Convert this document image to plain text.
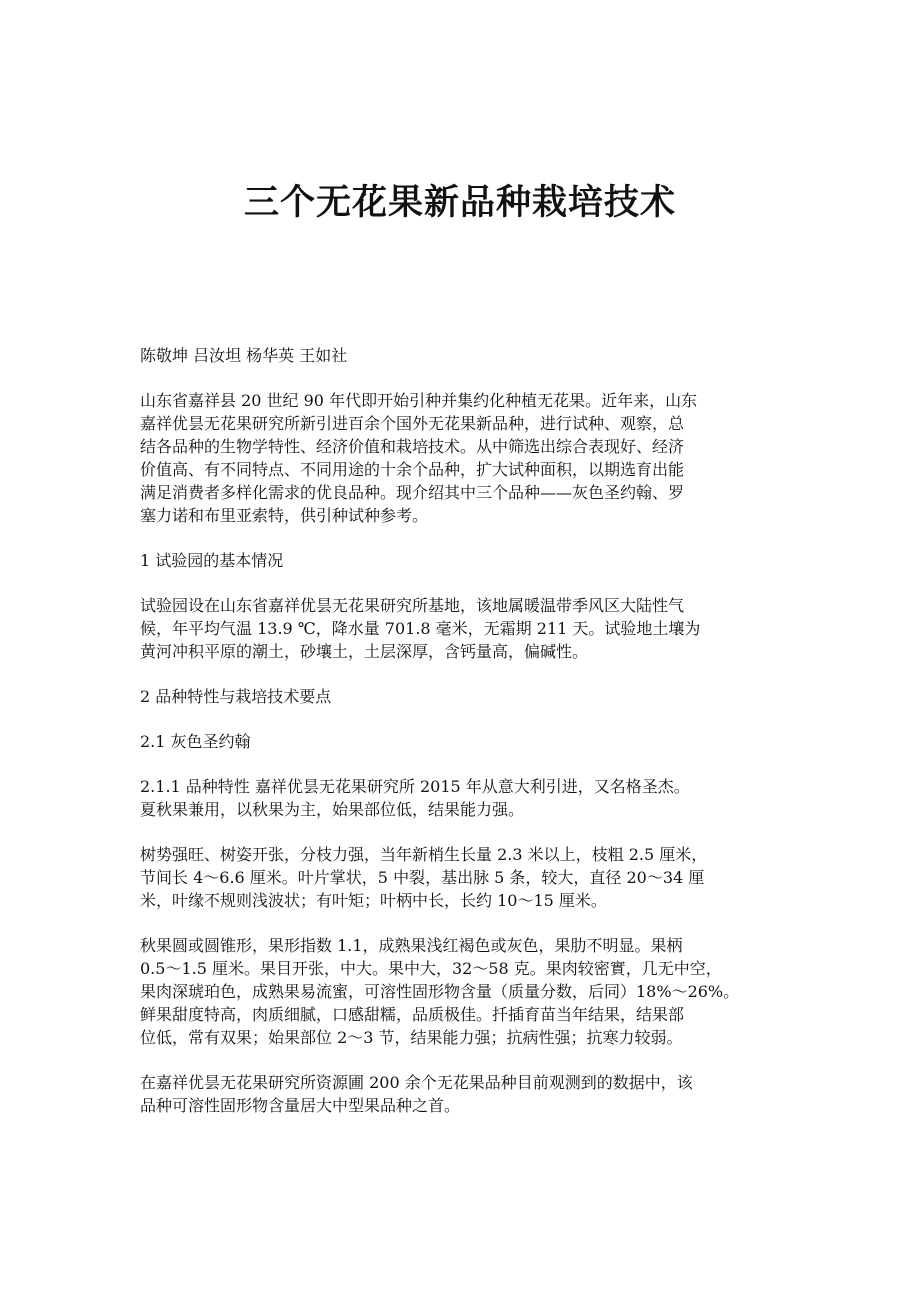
三个无花果新品种栽培技术

陈敬坤 吕汝坦 杨华英 王如社

山东省嘉祥县 20 世纪 90 年代即开始引种并集约化种植无花果。近年来，山东
嘉祥优昙无花果研究所新引进百余个国外无花果新品种，进行试种、观察，总
结各品种的生物学特性、经济价值和栽培技术。从中筛选出综合表现好、经济
价值高、有不同特点、不同用途的十余个品种，扩大试种面积，以期选育出能
满足消费者多样化需求的优良品种。现介绍其中三个品种——灰色圣约翰、罗
塞力诺和布里亚索特，供引种试种参考。

1 试验园的基本情况

试验园设在山东省嘉祥优昙无花果研究所基地，该地属暖温带季风区大陆性气
候，年平均气温 13.9 ℃，降水量 701.8 毫米，无霜期 211 天。试验地土壤为
黄河冲积平原的潮土，砂壤土，土层深厚，含钙量高，偏碱性。

2 品种特性与栽培技术要点

2.1 灰色圣约翰

2.1.1 品种特性 嘉祥优昙无花果研究所 2015 年从意大利引进，又名格圣杰。
夏秋果兼用，以秋果为主，始果部位低，结果能力强。

树势强旺、树姿开张，分枝力强，当年新梢生长量 2.3 米以上，枝粗 2.5 厘米，
节间长 4～6.6 厘米。叶片掌状，5 中裂，基出脉 5 条，较大，直径 20～34 厘
米，叶缘不规则浅波状；有叶矩；叶柄中长，长约 10～15 厘米。

秋果圆或圆锥形，果形指数 1.1，成熟果浅红褐色或灰色，果肋不明显。果柄
0.5～1.5 厘米。果目开张，中大。果中大，32～58 克。果肉较密實，几无中空，
果肉深琥珀色，成熟果易流蜜，可溶性固形物含量（质量分数，后同）18%～26%。
鲜果甜度特高，肉质细腻，口感甜糯，品质极佳。扦插育苗当年结果，结果部
位低，常有双果；始果部位 2～3 节，结果能力强；抗病性强；抗寒力较弱。

在嘉祥优昙无花果研究所资源圃 200 余个无花果品种目前观测到的数据中，该
品种可溶性固形物含量居大中型果品种之首。
